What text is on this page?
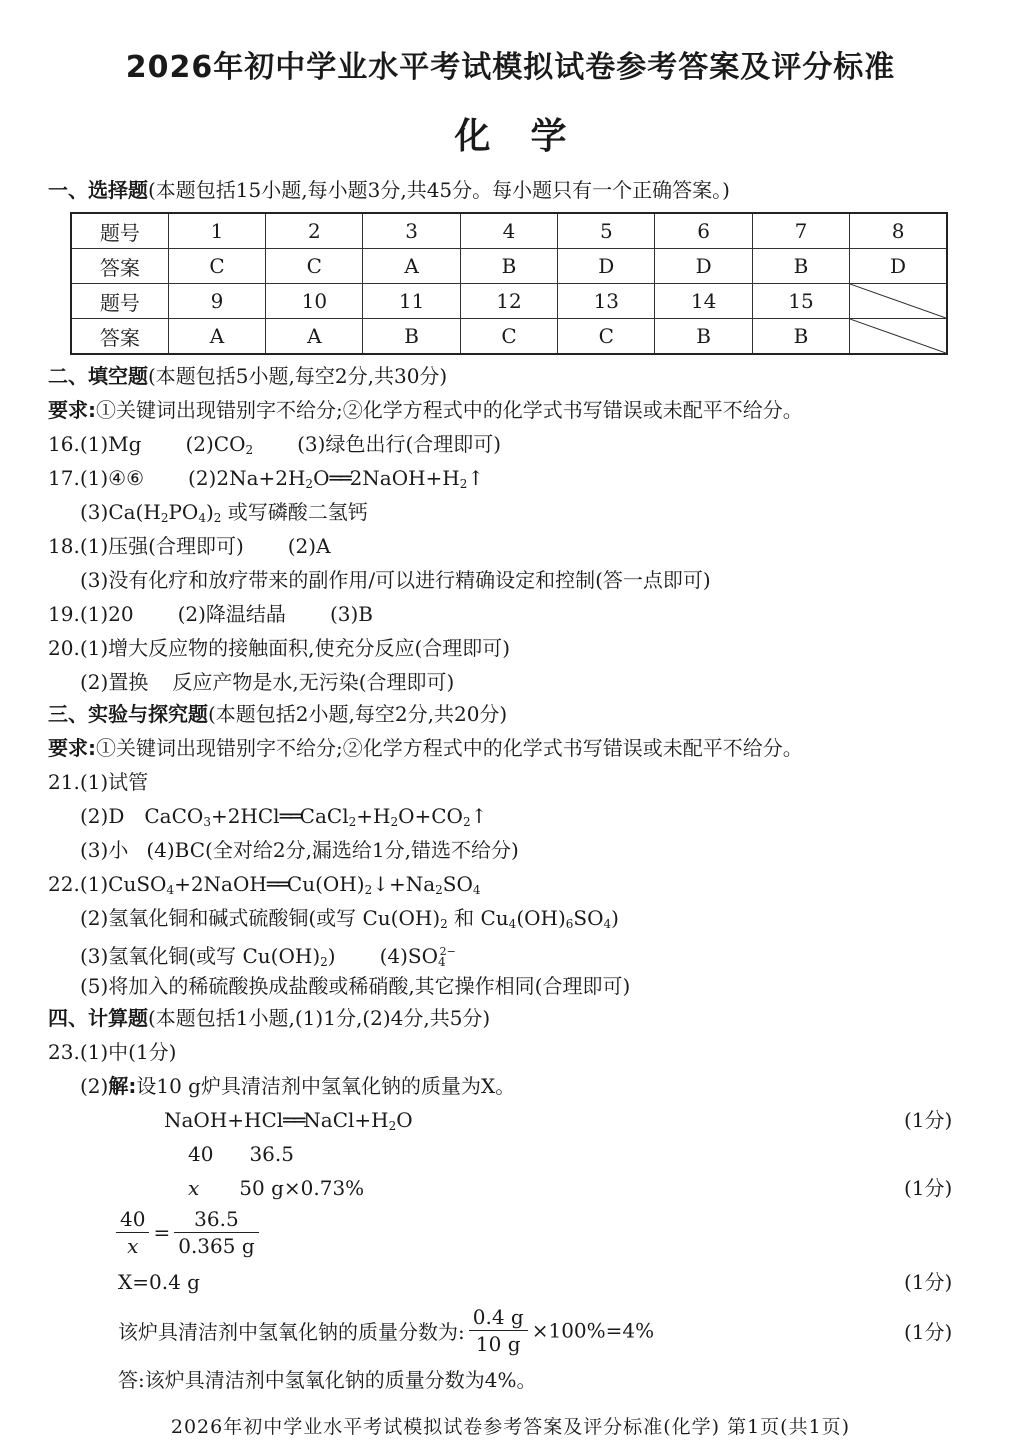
2026年初中学业水平考试模拟试卷参考答案及评分标准
化学
一、选择题(本题包括15小题,每小题3分,共45分。每小题只有一个正确答案。)
题号	1	2	3	4	5	6	7	8
答案	C	C	A	B	D	D	B	D
题号	9	10	11	12	13	14	15	

答案	A	A	B	C	C	B	B	
二、填空题(本题包括5小题,每空2分,共30分)
要求:①关键词出现错别字不给分;②化学方程式中的化学式书写错误或未配平不给分。
16.(1)Mg $(2)CO_2$ (3)绿色出行(合理即可)
17.(1)④⑥ $(2)2Na+2H_2O══2NaOH+H_2↑$
$(3)Ca(H_2PO_4)_2$ 或写磷酸二氢钙
18.(1)压强(合理即可) (2)A
(3)没有化疗和放疗带来的副作用/可以进行精确设定和控制(答一点即可)
19.(1)20 (2)降温结晶 (3)B
20.(1)增大反应物的接触面积,使充分反应(合理即可)
(2)置换 反应产物是水,无污染(合理即可)
三、实验与探究题(本题包括2小题,每空2分,共20分)
要求:①关键词出现错别字不给分;②化学方程式中的化学式书写错误或未配平不给分。
21.(1)试管
(2)D $CaCO_3+2HCl══CaCl_2+H_2O+CO_2↑$
(3)小 (4)BC(全对给2分,漏选给1分,错选不给分)
$22.(1)CuSO_4+2NaOH══Cu(OH)_2↓+Na_2SO_4$
(2)氢氧化铜和碱式硫酸铜(或写 $Cu(OH)_2$ 和 $Cu_4(OH)_6SO_4$)
(3)氢氧化铜(或写 $Cu(OH)_2$) $(4)SO_4^{2-}$
(5)将加入的稀硫酸换成盐酸或稀硝酸,其它操作相同(合理即可)
四、计算题(本题包括1小题,(1)1分,(2)4分,共5分)
23.(1)中(1分)
(2)解:设10 g炉具清洁剂中氢氧化钠的质量为X。
$NaOH+HCl══NaCl+H_2O$	(1分)
40 36.5
x 50 g×0.73%	(1分)
$\frac{40}{x} = \frac{36.5}{0.365 g}$
X=0.4 g	(1分)
该炉具清洁剂中氢氧化钠的质量分数为: $\frac{0.4 g}{10 g} \times 100\%=4\%$	(1分)
答:该炉具清洁剂中氢氧化钠的质量分数为4%。
2026年初中学业水平考试模拟试卷参考答案及评分标准(化学) 第1页(共1页)
